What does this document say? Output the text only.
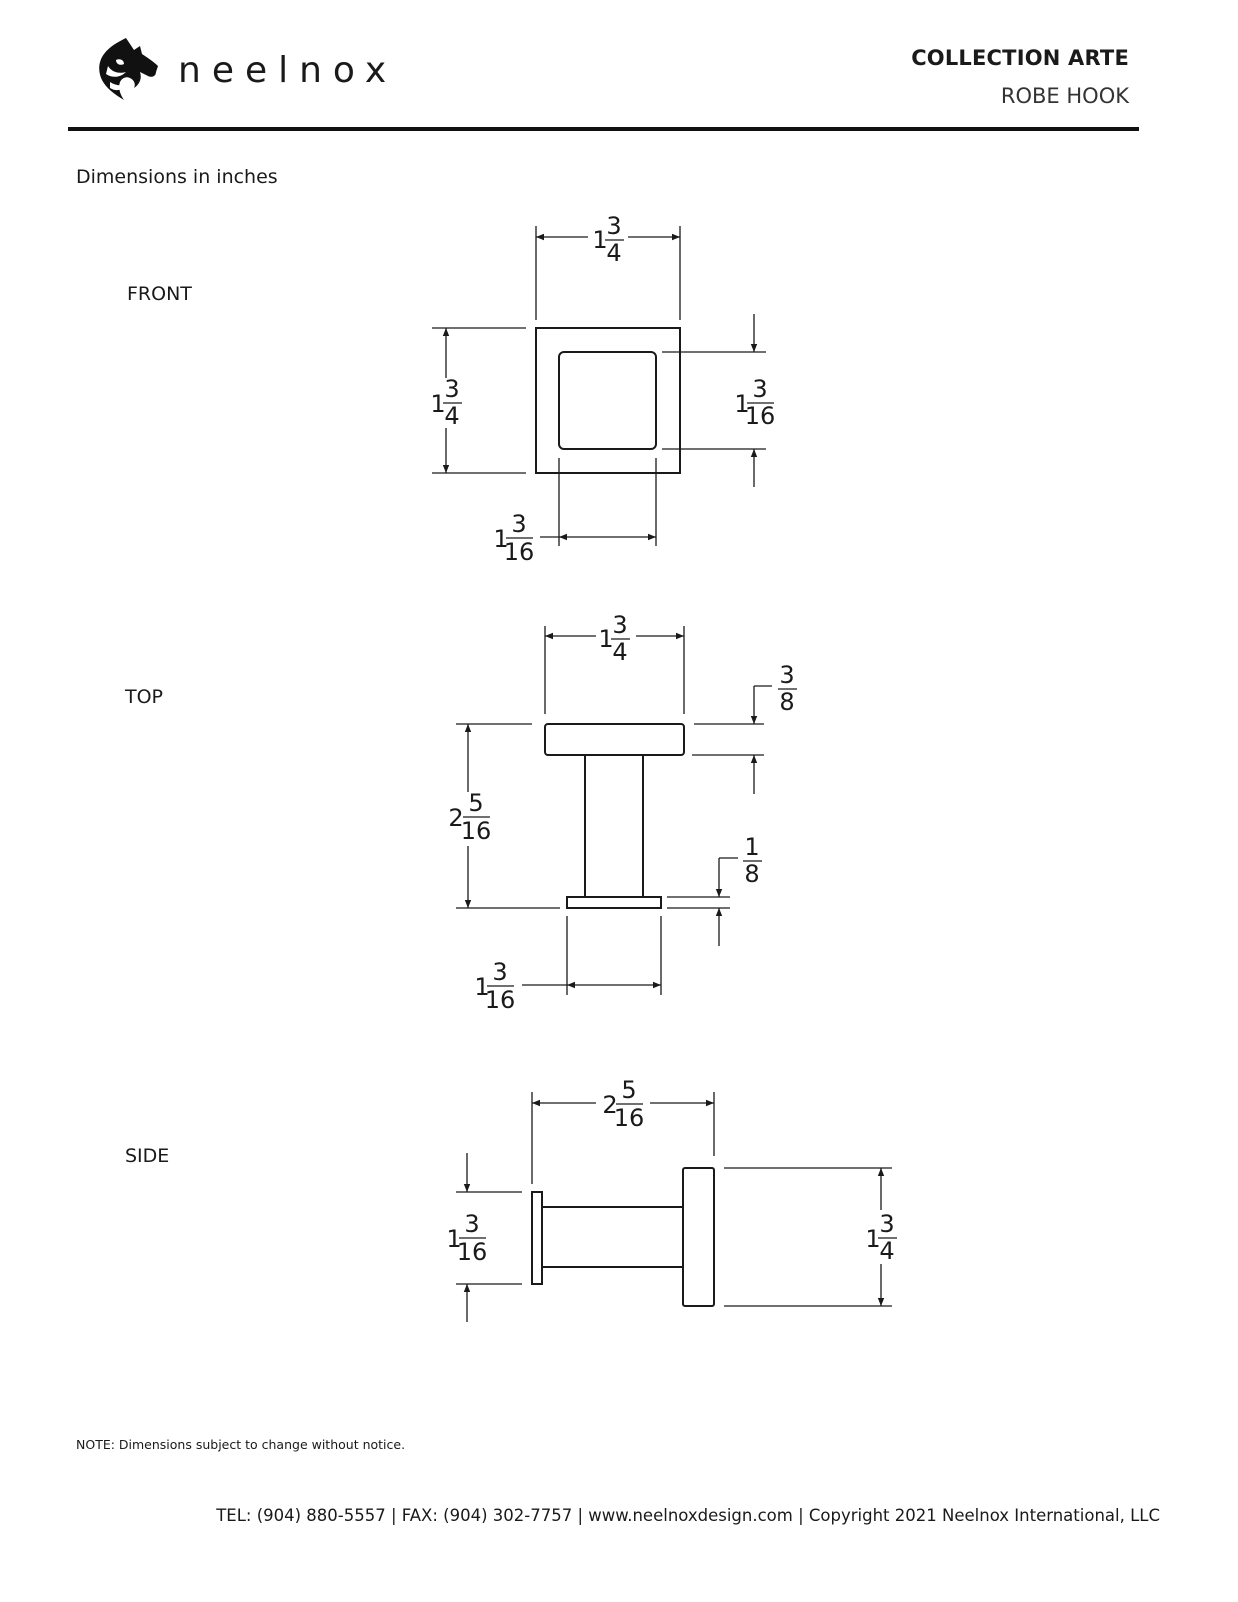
neelnox	COLLECTION ARTE
ROBE HOOK
Dimensions in inches
FRONT
TOP
SIDE
1
3
4
1
3
4	1
3
16
1
3
16
1
3
4
3
8
2
5
16
1
8
1
3
16
2
5
16
1
3
16	1
3
4
NOTE: Dimensions subject to change without notice.
TEL: (904) 880-5557 | FAX: (904) 302-7757 | www.neelnoxdesign.com | Copyright 2021 Neelnox International, LLC
